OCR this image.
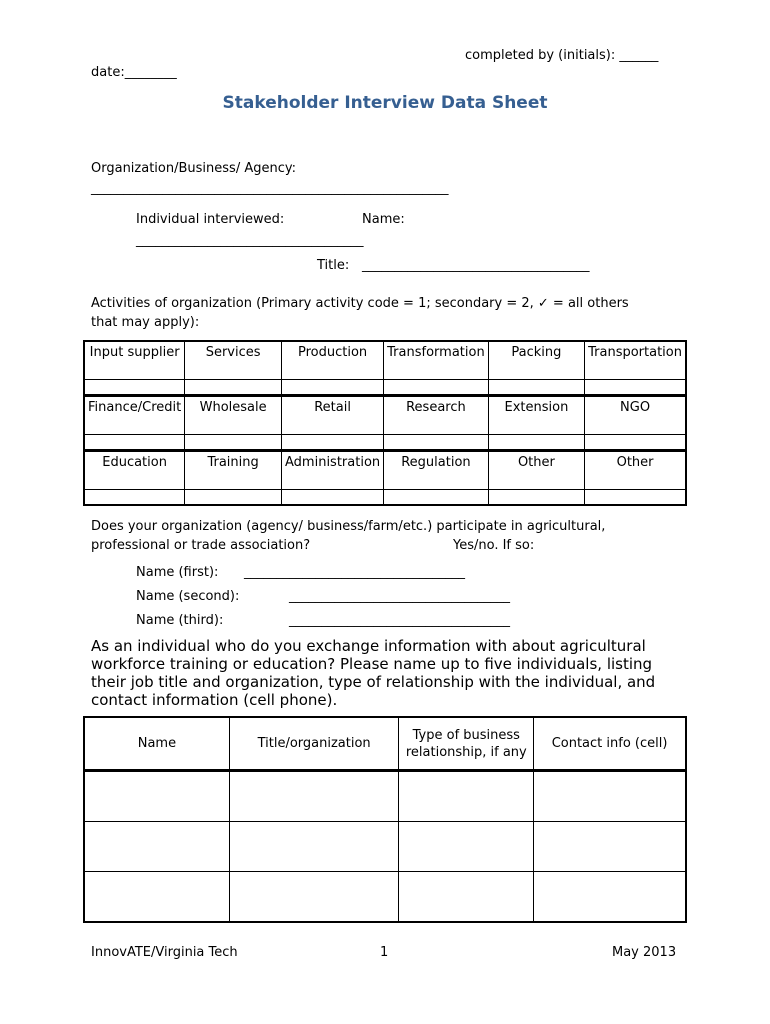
completed by (initials): ______
date:________
Stakeholder Interview Data Sheet
Organization/Business/ Agency:
_______________________________________________________
Individual interviewed:	Name:
___________________________________
Title: ___________________________________
Activities of organization (Primary activity code = 1; secondary = 2, ✓ = all others
that may apply):
Input supplier	Services	Production	Transformation	Packing	Transportation

Finance/Credit	Wholesale	Retail	Research	Extension	NGO

Education	Training	Administration	Regulation	Other	Other

Does your organization (agency/ business/farm/etc.) participate in agricultural,
professional or trade association?	Yes/no. If so:
Name (first): __________________________________
Name (second):	__________________________________
Name (third):	__________________________________
As an individual who do you exchange information with about agricultural workforce training or education? Please name up to five individuals, listing their job title and organization, type of relationship with the individual, and contact information (cell phone).
Name	Title/organization	Type of business relationship, if any	Contact info (cell)

InnovATE/Virginia Tech	1	May 2013
